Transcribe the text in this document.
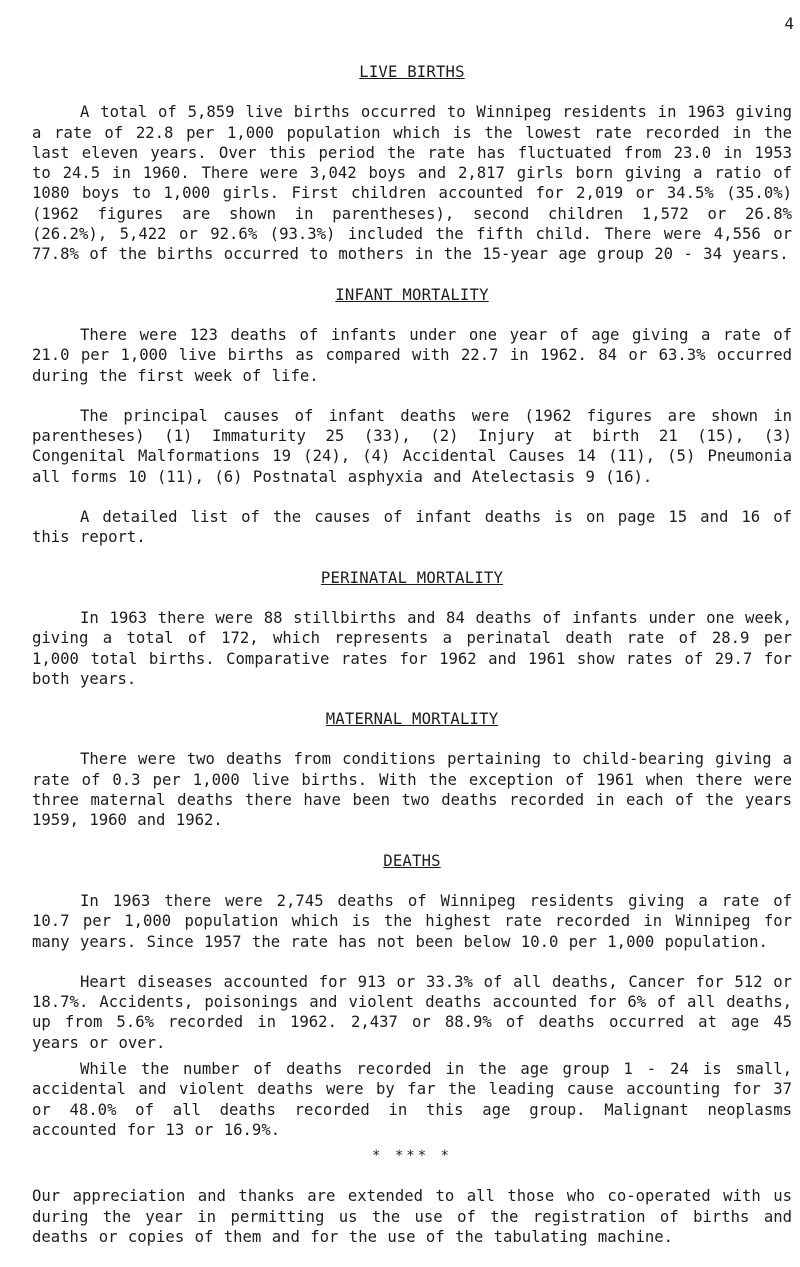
4
LIVE BIRTHS

A total of 5,859 live births occurred to Winnipeg residents in 1963 giving a rate of 22.8 per 1,000 population which is the lowest rate recorded in the last eleven years. Over this period the rate has fluctuated from 23.0 in 1953 to 24.5 in 1960. There were 3,042 boys and 2,817 girls born giving a ratio of 1080 boys to 1,000 girls. First children accounted for 2,019 or 34.5% (35.0%) (1962 figures are shown in parentheses), second children 1,572 or 26.8% (26.2%), 5,422 or 92.6% (93.3%) included the fifth child. There were 4,556 or 77.8% of the births occurred to mothers in the 15-year age group 20 - 34 years.

INFANT MORTALITY

There were 123 deaths of infants under one year of age giving a rate of 21.0 per 1,000 live births as compared with 22.7 in 1962. 84 or 63.3% occurred during the first week of life.

The principal causes of infant deaths were (1962 figures are shown in parentheses) (1) Immaturity 25 (33), (2) Injury at birth 21 (15), (3) Congenital Malformations 19 (24), (4) Accidental Causes 14 (11), (5) Pneumonia all forms 10 (11), (6) Postnatal asphyxia and Atelectasis 9 (16).

A detailed list of the causes of infant deaths is on page 15 and 16 of this report.

PERINATAL MORTALITY

In 1963 there were 88 stillbirths and 84 deaths of infants under one week, giving a total of 172, which represents a perinatal death rate of 28.9 per 1,000 total births. Comparative rates for 1962 and 1961 show rates of 29.7 for both years.

MATERNAL MORTALITY

There were two deaths from conditions pertaining to child-bearing giving a rate of 0.3 per 1,000 live births. With the exception of 1961 when there were three maternal deaths there have been two deaths recorded in each of the years 1959, 1960 and 1962.

DEATHS

In 1963 there were 2,745 deaths of Winnipeg residents giving a rate of 10.7 per 1,000 population which is the highest rate recorded in Winnipeg for many years. Since 1957 the rate has not been below 10.0 per 1,000 population.

Heart diseases accounted for 913 or 33.3% of all deaths, Cancer for 512 or 18.7%. Accidents, poisonings and violent deaths accounted for 6% of all deaths, up from 5.6% recorded in 1962. 2,437 or 88.9% of deaths occurred at age 45 years or over.

While the number of deaths recorded in the age group 1 - 24 is small, accidental and violent deaths were by far the leading cause accounting for 37 or 48.0% of all deaths recorded in this age group. Malignant neoplasms accounted for 13 or 16.9%.

* *** *

Our appreciation and thanks are extended to all those who co-operated with us during the year in permitting us the use of the registration of births and deaths or copies of them and for the use of the tabulating machine.
